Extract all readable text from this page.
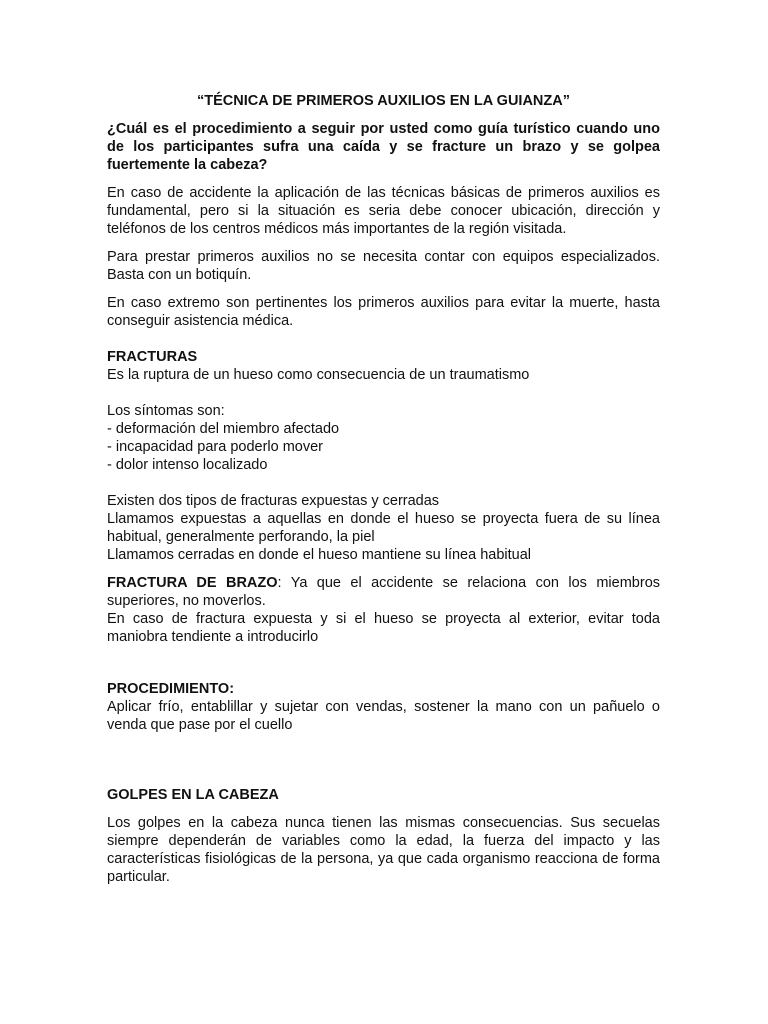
“TÉCNICA DE PRIMEROS AUXILIOS EN LA GUIANZA”

¿Cuál es el procedimiento a seguir por usted como guía turístico cuando uno de los participantes sufra una caída y se fracture un brazo y se golpea fuertemente la cabeza?

En caso de accidente la aplicación de las técnicas básicas de primeros auxilios es fundamental, pero si la situación es seria debe conocer ubicación, dirección y teléfonos de los centros médicos más importantes de la región visitada.

Para prestar primeros auxilios no se necesita contar con equipos especializados. Basta con un botiquín.

En caso extremo son pertinentes los primeros auxilios para evitar la muerte, hasta conseguir asistencia médica.

FRACTURAS

Es la ruptura de un hueso como consecuencia de un traumatismo

Los síntomas son:

- deformación del miembro afectado

- incapacidad para poderlo mover

- dolor intenso localizado

Existen dos tipos de fracturas expuestas y cerradas

Llamamos expuestas a aquellas en donde el hueso se proyecta fuera de su línea habitual, generalmente perforando, la piel

Llamamos cerradas en donde el hueso mantiene su línea habitual

FRACTURA DE BRAZO: Ya que el accidente se relaciona con los miembros superiores, no moverlos.

En caso de fractura expuesta y si el hueso se proyecta al exterior, evitar toda maniobra tendiente a introducirlo

PROCEDIMIENTO:

Aplicar frío, entablillar y sujetar con vendas, sostener la mano con un pañuelo o venda que pase por el cuello

GOLPES EN LA CABEZA

Los golpes en la cabeza nunca tienen las mismas consecuencias. Sus secuelas siempre dependerán de variables como la edad, la fuerza del impacto y las características fisiológicas de la persona, ya que cada organismo reacciona de forma particular.
